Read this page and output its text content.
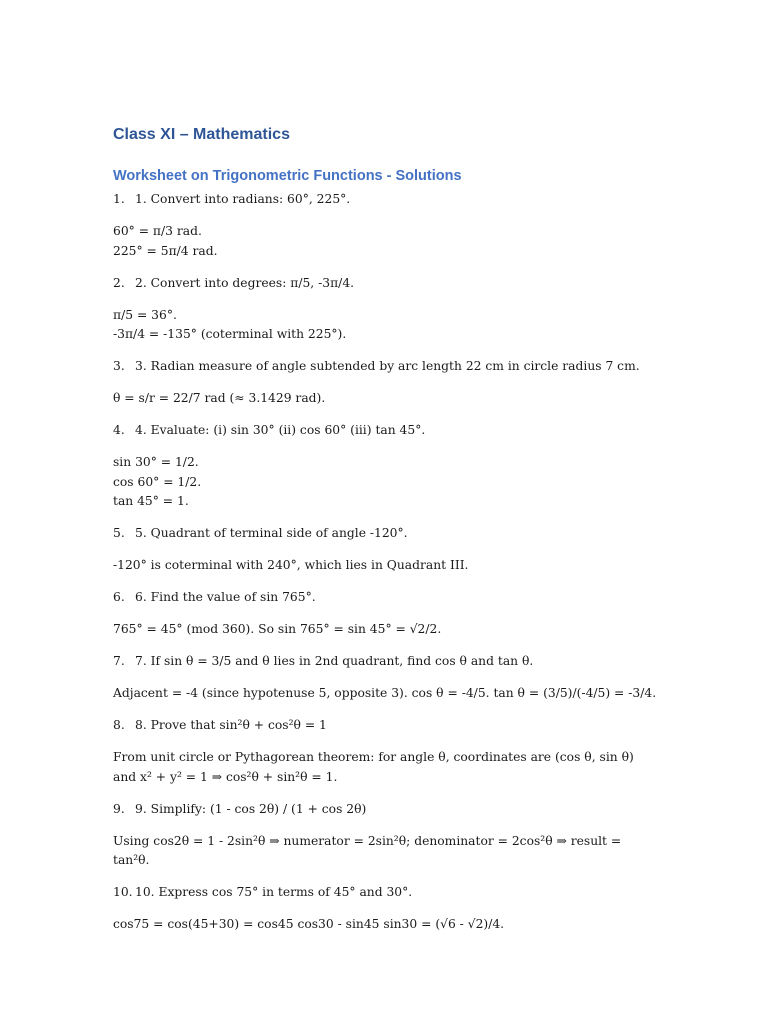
Class XI – Mathematics
Worksheet on Trigonometric Functions - Solutions
1. 1. Convert into radians: 60°, 225°.
60° = π/3 rad.
225° = 5π/4 rad.
2. 2. Convert into degrees: π/5, -3π/4.
π/5 = 36°.
-3π/4 = -135° (coterminal with 225°).
3. 3. Radian measure of angle subtended by arc length 22 cm in circle radius 7 cm.
θ = s/r = 22/7 rad (≈ 3.1429 rad).
4. 4. Evaluate: (i) sin 30° (ii) cos 60° (iii) tan 45°.
sin 30° = 1/2.
cos 60° = 1/2.
tan 45° = 1.
5. 5. Quadrant of terminal side of angle -120°.
-120° is coterminal with 240°, which lies in Quadrant III.
6. 6. Find the value of sin 765°.
765° = 45° (mod 360). So sin 765° = sin 45° = √2/2.
7. 7. If sin θ = 3/5 and θ lies in 2nd quadrant, find cos θ and tan θ.
Adjacent = -4 (since hypotenuse 5, opposite 3). cos θ = -4/5. tan θ = (3/5)/(-4/5) = -3/4.
8. 8. Prove that sin²θ + cos²θ = 1
From unit circle or Pythagorean theorem: for angle θ, coordinates are (cos θ, sin θ) and x² + y² = 1 ⇒ cos²θ + sin²θ = 1.
9. 9. Simplify: (1 - cos 2θ) / (1 + cos 2θ)
Using cos2θ = 1 - 2sin²θ ⇒ numerator = 2sin²θ; denominator = 2cos²θ ⇒ result = tan²θ.
10. 10. Express cos 75° in terms of 45° and 30°.
cos75 = cos(45+30) = cos45 cos30 - sin45 sin30 = (√6 - √2)/4.
